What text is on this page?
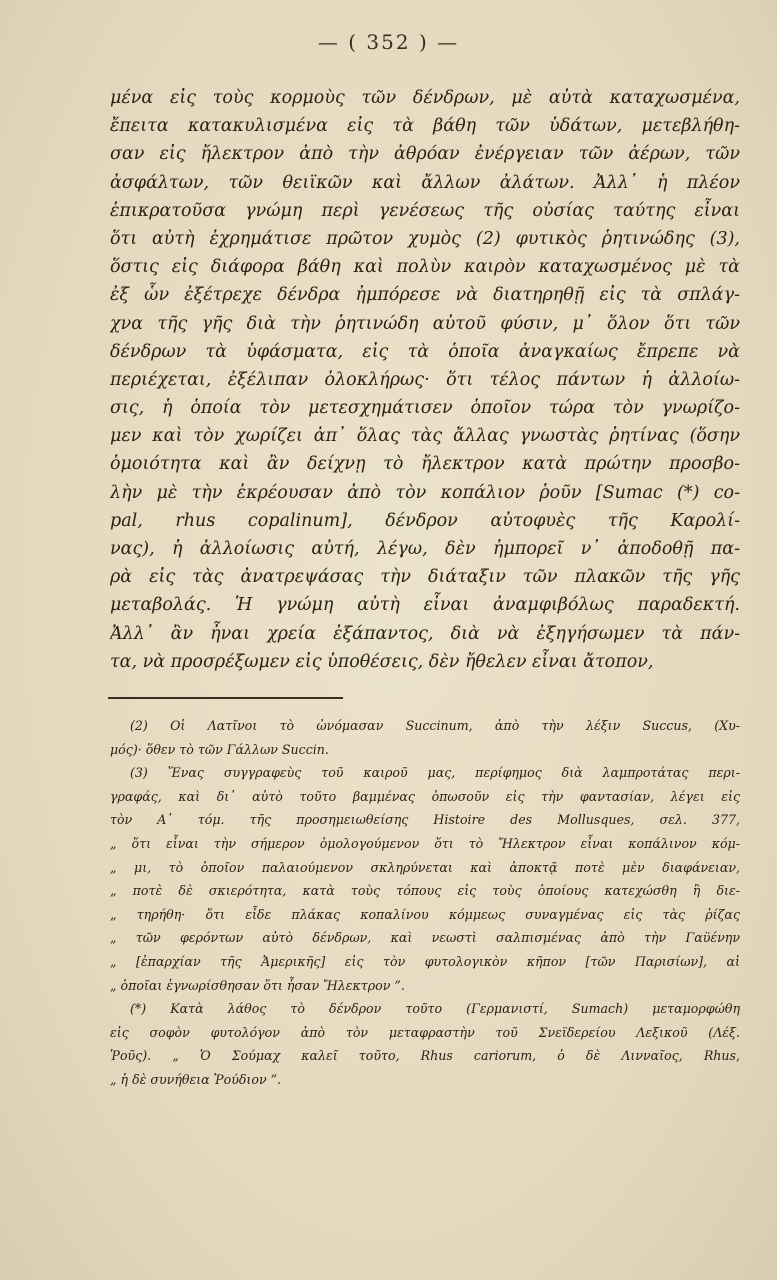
— ( 352 ) —
μένα εἰς τοὺς κορμοὺς τῶν δένδρων, μὲ αὐτὰ καταχωσμένα,
ἔπειτα κατακυλισμένα εἰς τὰ βάθη τῶν ὑδάτων, μετεβλήθη-
σαν εἰς ἤλεκτρον ἀπὸ τὴν ἀθρόαν ἐνέργειαν τῶν ἀέρων, τῶν
ἀσφάλτων, τῶν θειϊκῶν καὶ ἄλλων ἀλάτων. Ἀλλ᾿ ἡ πλέον
ἐπικρατοῦσα γνώμη περὶ γενέσεως τῆς οὐσίας ταύτης εἶναι
ὅτι αὐτὴ ἐχρημάτισε πρῶτον χυμὸς (2) φυτικὸς ῥητινώδης (3),
ὅστις εἰς διάφορα βάθη καὶ πολὺν καιρὸν καταχωσμένος μὲ τὰ
ἐξ ὧν ἐξέτρεχε δένδρα ἠμπόρεσε νὰ διατηρηθῇ εἰς τὰ σπλάγ-
χνα τῆς γῆς διὰ τὴν ῥητινώδη αὐτοῦ φύσιν, μ᾿ ὅλον ὅτι τῶν
δένδρων τὰ ὑφάσματα, εἰς τὰ ὁποῖα ἀναγκαίως ἔπρεπε νὰ
περιέχεται, ἐξέλιπαν ὁλοκλήρως· ὅτι τέλος πάντων ἡ ἀλλοίω-
σις, ἡ ὁποία τὸν μετεσχημάτισεν ὁποῖον τώρα τὸν γνωρίζο-
μεν καὶ τὸν χωρίζει ἀπ᾿ ὅλας τὰς ἄλλας γνωστὰς ῥητίνας (ὅσην
ὁμοιότητα καὶ ἂν δείχνῃ τὸ ἤλεκτρον κατὰ πρώτην προσβο-
λὴν μὲ τὴν ἐκρέουσαν ἀπὸ τὸν κοπάλιον ῥοῦν [Sumac (*) co-
pal, rhus copalinum], δένδρον αὐτοφυὲς τῆς Καρολί-
νας), ἡ ἀλλοίωσις αὐτή, λέγω, δὲν ἠμπορεῖ ν᾿ ἀποδοθῇ πα-
ρὰ εἰς τὰς ἀνατρεψάσας τὴν διάταξιν τῶν πλακῶν τῆς γῆς
μεταβολάς. Ἡ γνώμη αὐτὴ εἶναι ἀναμφιβόλως παραδεκτή.
Ἀλλ᾿ ἂν ἦναι χρεία ἐξάπαντος, διὰ νὰ ἐξηγήσωμεν τὰ πάν-
τα, νὰ προσρέξωμεν εἰς ὑποθέσεις, δὲν ἤθελεν εἶναι ἄτοπον,
(2) Οἱ Λατῖνοι τὸ ὠνόμασαν Succinum, ἀπὸ τὴν λέξιν Succus, (Χυ-
μός)· ὅθεν τὸ τῶν Γάλλων Succin.
(3) Ἕνας συγγραφεὺς τοῦ καιροῦ μας, περίφημος διὰ λαμπροτάτας περι-
γραφάς, καὶ δι᾿ αὐτὸ τοῦτο βαμμένας ὁπωσοῦν εἰς τὴν φαντασίαν, λέγει εἰς
τὸν Α᾿ τόμ. τῆς προσημειωθείσης Histoire des Mollusques, σελ. 377,
„ ὅτι εἶναι τὴν σήμερον ὁμολογούμενον ὅτι τὸ Ἤλεκτρον εἶναι κοπάλινον κόμ-
„ μι, τὸ ὁποῖον παλαιούμενον σκληρύνεται καὶ ἀποκτᾷ ποτὲ μὲν διαφάνειαν,
„ ποτὲ δὲ σκιερότητα, κατὰ τοὺς τόπους εἰς τοὺς ὁποίους κατεχώσθη ἢ διε-
„ τηρήθη· ὅτι εἶδε πλάκας κοπαλίνου κόμμεως συναγμένας εἰς τὰς ῥίζας
„ τῶν φερόντων αὐτὸ δένδρων, καὶ νεωστὶ σαλπισμένας ἀπὸ τὴν Γαϋένην
„ [ἐπαρχίαν τῆς Ἀμερικῆς] εἰς τὸν φυτολογικὸν κῆπον [τῶν Παρισίων], αἱ
„ ὁποῖαι ἐγνωρίσθησαν ὅτι ἦσαν Ἤλεκτρον ”.
(*) Κατὰ λάθος τὸ δένδρον τοῦτο (Γερμανιστί, Sumach) μεταμορφώθη
εἰς σοφὸν φυτολόγον ἀπὸ τὸν μεταφραστὴν τοῦ Σνεϊδερείου Λεξικοῦ (Λέξ.
Ῥοῦς). „ Ὁ Σούμαχ καλεῖ τοῦτο, Rhus cariorum, ὁ δὲ Λινναῖος, Rhus,
„ ἡ δὲ συνήθεια Ῥούδιον ”.
